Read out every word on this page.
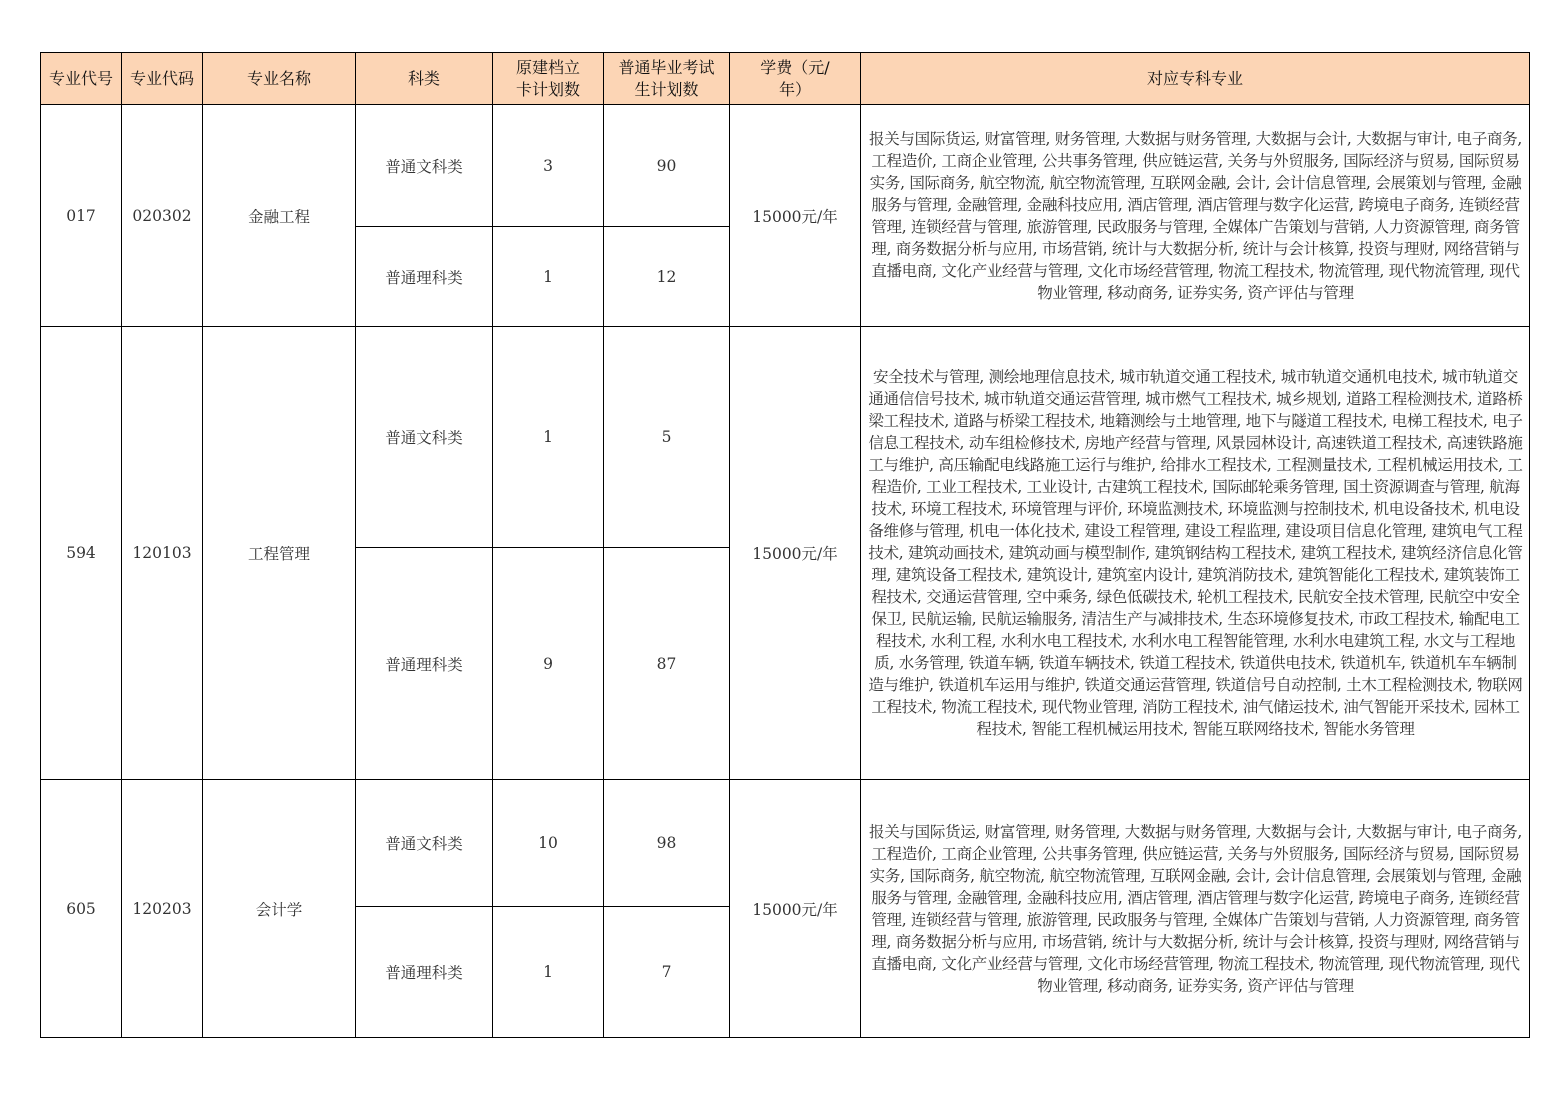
专业代号	专业代码	专业名称	科类	原建档立卡计划数	普通毕业考试生计划数	学费（元/年）	对应专科专业
017	020302	金融工程	普通文科类	3	90	15000元/年	报关与国际货运, 财富管理, 财务管理, 大数据与财务管理, 大数据与会计, 大数据与审计, 电子商务, 工程造价, 工商企业管理, 公共事务管理, 供应链运营, 关务与外贸服务, 国际经济与贸易, 国际贸易实务, 国际商务, 航空物流, 航空物流管理, 互联网金融, 会计, 会计信息管理, 会展策划与管理, 金融服务与管理, 金融管理, 金融科技应用, 酒店管理, 酒店管理与数字化运营, 跨境电子商务, 连锁经营管理, 连锁经营与管理, 旅游管理, 民政服务与管理, 全媒体广告策划与营销, 人力资源管理, 商务管理, 商务数据分析与应用, 市场营销, 统计与大数据分析, 统计与会计核算, 投资与理财, 网络营销与直播电商, 文化产业经营与管理, 文化市场经营管理, 物流工程技术, 物流管理, 现代物流管理, 现代物业管理, 移动商务, 证券实务, 资产评估与管理
			普通理科类	1	12		
594	120103	工程管理	普通文科类	1	5	15000元/年	安全技术与管理, 测绘地理信息技术, 城市轨道交通工程技术, 城市轨道交通机电技术, 城市轨道交通通信信号技术, 城市轨道交通运营管理, 城市燃气工程技术, 城乡规划, 道路工程检测技术, 道路桥梁工程技术, 道路与桥梁工程技术, 地籍测绘与土地管理, 地下与隧道工程技术, 电梯工程技术, 电子信息工程技术, 动车组检修技术, 房地产经营与管理, 风景园林设计, 高速铁道工程技术, 高速铁路施工与维护, 高压输配电线路施工运行与维护, 给排水工程技术, 工程测量技术, 工程机械运用技术, 工程造价, 工业工程技术, 工业设计, 古建筑工程技术, 国际邮轮乘务管理, 国土资源调查与管理, 航海技术, 环境工程技术, 环境管理与评价, 环境监测技术, 环境监测与控制技术, 机电设备技术, 机电设备维修与管理, 机电一体化技术, 建设工程管理, 建设工程监理, 建设项目信息化管理, 建筑电气工程技术, 建筑动画技术, 建筑动画与模型制作, 建筑钢结构工程技术, 建筑工程技术, 建筑经济信息化管理, 建筑设备工程技术, 建筑设计, 建筑室内设计, 建筑消防技术, 建筑智能化工程技术, 建筑装饰工程技术, 交通运营管理, 空中乘务, 绿色低碳技术, 轮机工程技术, 民航安全技术管理, 民航空中安全保卫, 民航运输, 民航运输服务, 清洁生产与减排技术, 生态环境修复技术, 市政工程技术, 输配电工程技术, 水利工程, 水利水电工程技术, 水利水电工程智能管理, 水利水电建筑工程, 水文与工程地质, 水务管理, 铁道车辆, 铁道车辆技术, 铁道工程技术, 铁道供电技术, 铁道机车, 铁道机车车辆制造与维护, 铁道机车运用与维护, 铁道交通运营管理, 铁道信号自动控制, 土木工程检测技术, 物联网工程技术, 物流工程技术, 现代物业管理, 消防工程技术, 油气储运技术, 油气智能开采技术, 园林工程技术, 智能工程机械运用技术, 智能互联网络技术, 智能水务管理
			普通理科类	9	87		
605	120203	会计学	普通文科类	10	98	15000元/年	报关与国际货运, 财富管理, 财务管理, 大数据与财务管理, 大数据与会计, 大数据与审计, 电子商务, 工程造价, 工商企业管理, 公共事务管理, 供应链运营, 关务与外贸服务, 国际经济与贸易, 国际贸易实务, 国际商务, 航空物流, 航空物流管理, 互联网金融, 会计, 会计信息管理, 会展策划与管理, 金融服务与管理, 金融管理, 金融科技应用, 酒店管理, 酒店管理与数字化运营, 跨境电子商务, 连锁经营管理, 连锁经营与管理, 旅游管理, 民政服务与管理, 全媒体广告策划与营销, 人力资源管理, 商务管理, 商务数据分析与应用, 市场营销, 统计与大数据分析, 统计与会计核算, 投资与理财, 网络营销与直播电商, 文化产业经营与管理, 文化市场经营管理, 物流工程技术, 物流管理, 现代物流管理, 现代物业管理, 移动商务, 证券实务, 资产评估与管理
			普通理科类	1	7		
